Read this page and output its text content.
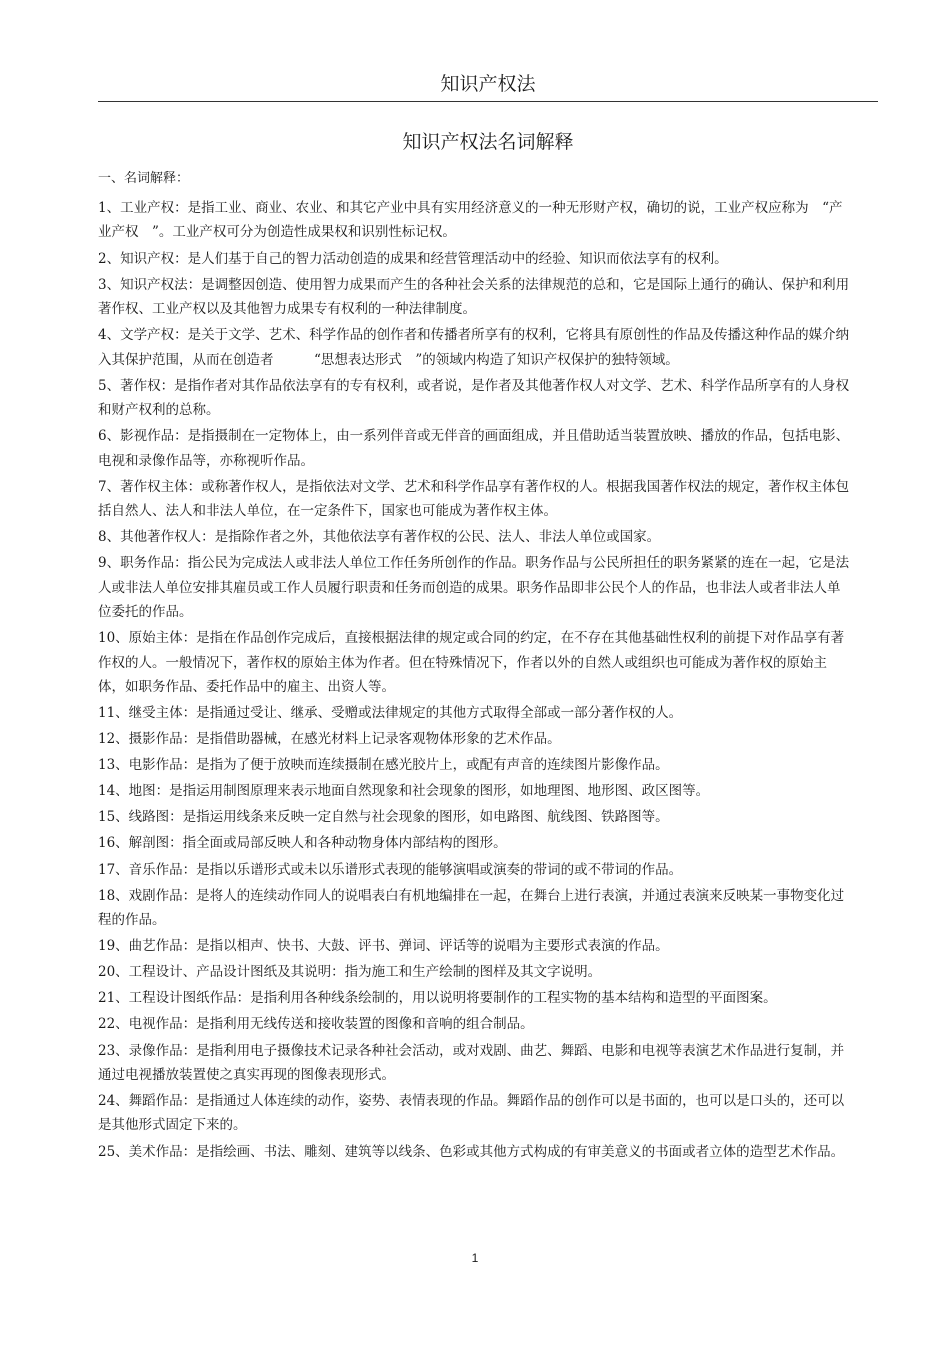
知识产权法
知识产权法名词解释
一、名词解释：
1、工业产权：是指工业、商业、农业、和其它产业中具有实用经济意义的一种无形财产权，确切的说，工业产权应称为　“产业产权　”。工业产权可分为创造性成果权和识别性标记权。
2、知识产权：是人们基于自己的智力活动创造的成果和经营管理活动中的经验、知识而依法享有的权利。
3、知识产权法：是调整因创造、使用智力成果而产生的各种社会关系的法律规范的总和，它是国际上通行的确认、保护和利用著作权、工业产权以及其他智力成果专有权利的一种法律制度。
4、文学产权：是关于文学、艺术、科学作品的创作者和传播者所享有的权利，它将具有原创性的作品及传播这种作品的媒介纳入其保护范围，从而在创造者　　　“思想表达形式　”的领域内构造了知识产权保护的独特领域。
5、著作权：是指作者对其作品依法享有的专有权利，或者说，是作者及其他著作权人对文学、艺术、科学作品所享有的人身权和财产权利的总称。
6、影视作品：是指摄制在一定物体上，由一系列伴音或无伴音的画面组成，并且借助适当装置放映、播放的作品，包括电影、电视和录像作品等，亦称视听作品。
7、著作权主体：或称著作权人，是指依法对文学、艺术和科学作品享有著作权的人。根据我国著作权法的规定，著作权主体包括自然人、法人和非法人单位，在一定条件下，国家也可能成为著作权主体。
8、其他著作权人：是指除作者之外，其他依法享有著作权的公民、法人、非法人单位或国家。
9、职务作品：指公民为完成法人或非法人单位工作任务所创作的作品。职务作品与公民所担任的职务紧紧的连在一起，它是法人或非法人单位安排其雇员或工作人员履行职责和任务而创造的成果。职务作品即非公民个人的作品，也非法人或者非法人单位委托的作品。
10、原始主体：是指在作品创作完成后，直接根据法律的规定或合同的约定，在不存在其他基础性权利的前提下对作品享有著作权的人。一般情况下，著作权的原始主体为作者。但在特殊情况下，作者以外的自然人或组织也可能成为著作权的原始主体，如职务作品、委托作品中的雇主、出资人等。
11、继受主体：是指通过受让、继承、受赠或法律规定的其他方式取得全部或一部分著作权的人。
12、摄影作品：是指借助器械，在感光材料上记录客观物体形象的艺术作品。
13、电影作品：是指为了便于放映而连续摄制在感光胶片上，或配有声音的连续图片影像作品。
14、地图：是指运用制图原理来表示地面自然现象和社会现象的图形，如地理图、地形图、政区图等。
15、线路图：是指运用线条来反映一定自然与社会现象的图形，如电路图、航线图、铁路图等。
16、解剖图：指全面或局部反映人和各种动物身体内部结构的图形。
17、音乐作品：是指以乐谱形式或未以乐谱形式表现的能够演唱或演奏的带词的或不带词的作品。
18、戏剧作品：是将人的连续动作同人的说唱表白有机地编排在一起，在舞台上进行表演，并通过表演来反映某一事物变化过程的作品。
19、曲艺作品：是指以相声、快书、大鼓、评书、弹词、评话等的说唱为主要形式表演的作品。
20、工程设计、产品设计图纸及其说明：指为施工和生产绘制的图样及其文字说明。
21、工程设计图纸作品：是指利用各种线条绘制的，用以说明将要制作的工程实物的基本结构和造型的平面图案。
22、电视作品：是指利用无线传送和接收装置的图像和音响的组合制品。
23、录像作品：是指利用电子摄像技术记录各种社会活动，或对戏剧、曲艺、舞蹈、电影和电视等表演艺术作品进行复制，并通过电视播放装置使之真实再现的图像表现形式。
24、舞蹈作品：是指通过人体连续的动作，姿势、表情表现的作品。舞蹈作品的创作可以是书面的，也可以是口头的，还可以是其他形式固定下来的。
25、美术作品：是指绘画、书法、雕刻、建筑等以线条、色彩或其他方式构成的有审美意义的书面或者立体的造型艺术作品。
1
